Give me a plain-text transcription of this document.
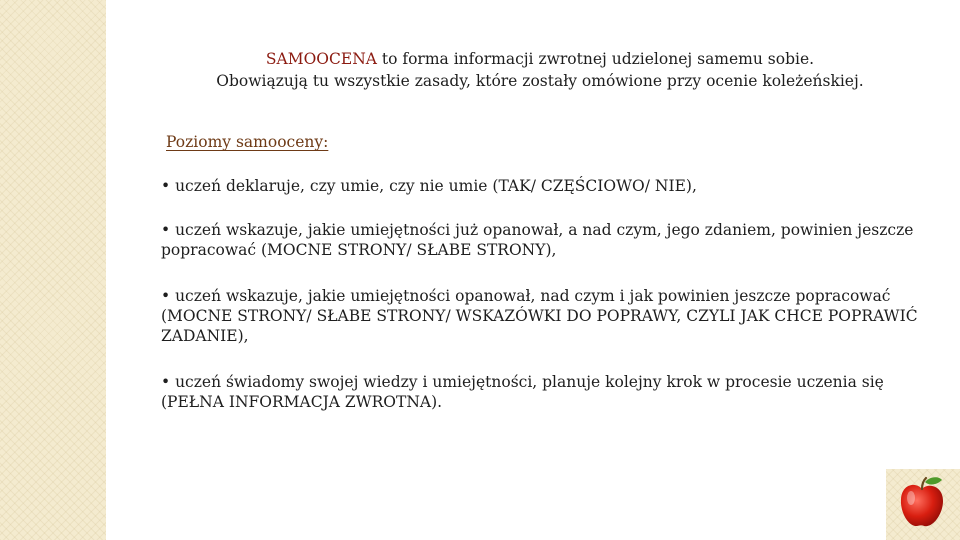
SAMOOCENA to forma informacji zwrotnej udzielonej samemu sobie.
Obowiązują tu wszystkie zasady, które zostały omówione przy ocenie koleżeńskiej.
Poziomy samooceny:
• uczeń deklaruje, czy umie, czy nie umie (TAK/ CZĘŚCIOWO/ NIE),
• uczeń wskazuje, jakie umiejętności już opanował, a nad czym, jego zdaniem, powinien jeszcze popracować (MOCNE STRONY/ SŁABE STRONY),
• uczeń wskazuje, jakie umiejętności opanował, nad czym i jak powinien jeszcze popracować (MOCNE STRONY/ SŁABE STRONY/ WSKAZÓWKI DO POPRAWY, CZYLI JAK CHCE POPRAWIĆ ZADANIE),
• uczeń świadomy swojej wiedzy i umiejętności, planuje kolejny krok w procesie uczenia się (PEŁNA INFORMACJA ZWROTNA).
